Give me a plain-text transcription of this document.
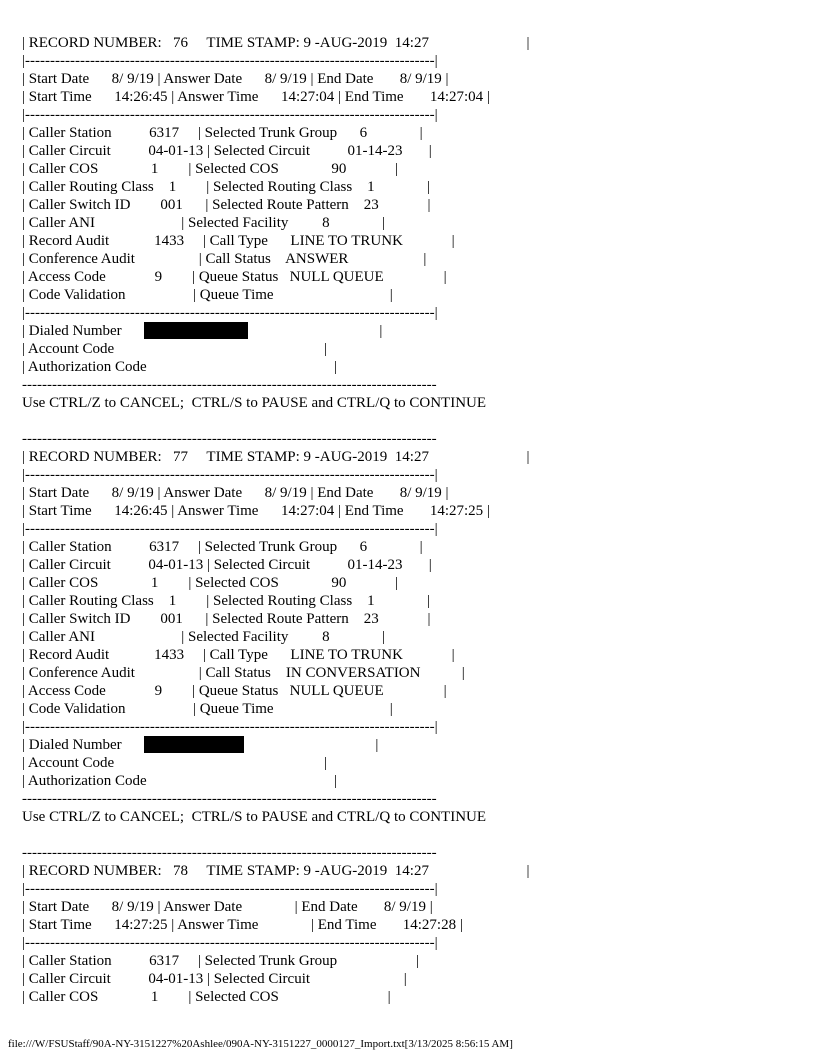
| RECORD NUMBER:   76     TIME STAMP: 9 -AUG-2019  14:27                          |
|----------------------------------------------------------------------------------|
| Start Date      8/ 9/19 | Answer Date      8/ 9/19 | End Date       8/ 9/19 |
| Start Time      14:26:45 | Answer Time      14:27:04 | End Time       14:27:04 |
|----------------------------------------------------------------------------------|
| Caller Station          6317     | Selected Trunk Group      6              |
| Caller Circuit          04-01-13 | Selected Circuit          01-14-23       |
| Caller COS              1        | Selected COS              90             |
| Caller Routing Class    1        | Selected Routing Class    1              |
| Caller Switch ID        001      | Selected Route Pattern    23             |
| Caller ANI                       | Selected Facility         8              |
| Record Audit            1433     | Call Type      LINE TO TRUNK             |
| Conference Audit                 | Call Status    ANSWER                    |
| Access Code             9        | Queue Status   NULL QUEUE                |
| Code Validation                  | Queue Time                               |
|----------------------------------------------------------------------------------|
| Dialed Number	|
| Account Code                                                        |
| Authorization Code                                                  |
-----------------------------------------------------------------------------------
Use CTRL/Z to CANCEL;  CTRL/S to PAUSE and CTRL/Q to CONTINUE
-----------------------------------------------------------------------------------
| RECORD NUMBER:   77     TIME STAMP: 9 -AUG-2019  14:27                          |
|----------------------------------------------------------------------------------|
| Start Date      8/ 9/19 | Answer Date      8/ 9/19 | End Date       8/ 9/19 |
| Start Time      14:26:45 | Answer Time      14:27:04 | End Time       14:27:25 |
|----------------------------------------------------------------------------------|
| Caller Station          6317     | Selected Trunk Group      6              |
| Caller Circuit          04-01-13 | Selected Circuit          01-14-23       |
| Caller COS              1        | Selected COS              90             |
| Caller Routing Class    1        | Selected Routing Class    1              |
| Caller Switch ID        001      | Selected Route Pattern    23             |
| Caller ANI                       | Selected Facility         8              |
| Record Audit            1433     | Call Type      LINE TO TRUNK             |
| Conference Audit                 | Call Status    IN CONVERSATION           |
| Access Code             9        | Queue Status   NULL QUEUE                |
| Code Validation                  | Queue Time                               |
|----------------------------------------------------------------------------------|
| Dialed Number	|
| Account Code                                                        |
| Authorization Code                                                  |
-----------------------------------------------------------------------------------
Use CTRL/Z to CANCEL;  CTRL/S to PAUSE and CTRL/Q to CONTINUE
-----------------------------------------------------------------------------------
| RECORD NUMBER:   78     TIME STAMP: 9 -AUG-2019  14:27                          |
|----------------------------------------------------------------------------------|
| Start Date      8/ 9/19 | Answer Date              | End Date       8/ 9/19 |
| Start Time      14:27:25 | Answer Time              | End Time       14:27:28 |
|----------------------------------------------------------------------------------|
| Caller Station          6317     | Selected Trunk Group                     |
| Caller Circuit          04-01-13 | Selected Circuit                         |
| Caller COS              1        | Selected COS                             |
file:///W/FSUStaff/90A-NY-3151227%20Ashlee/090A-NY-3151227_0000127_Import.txt[3/13/2025 8:56:15 AM]
